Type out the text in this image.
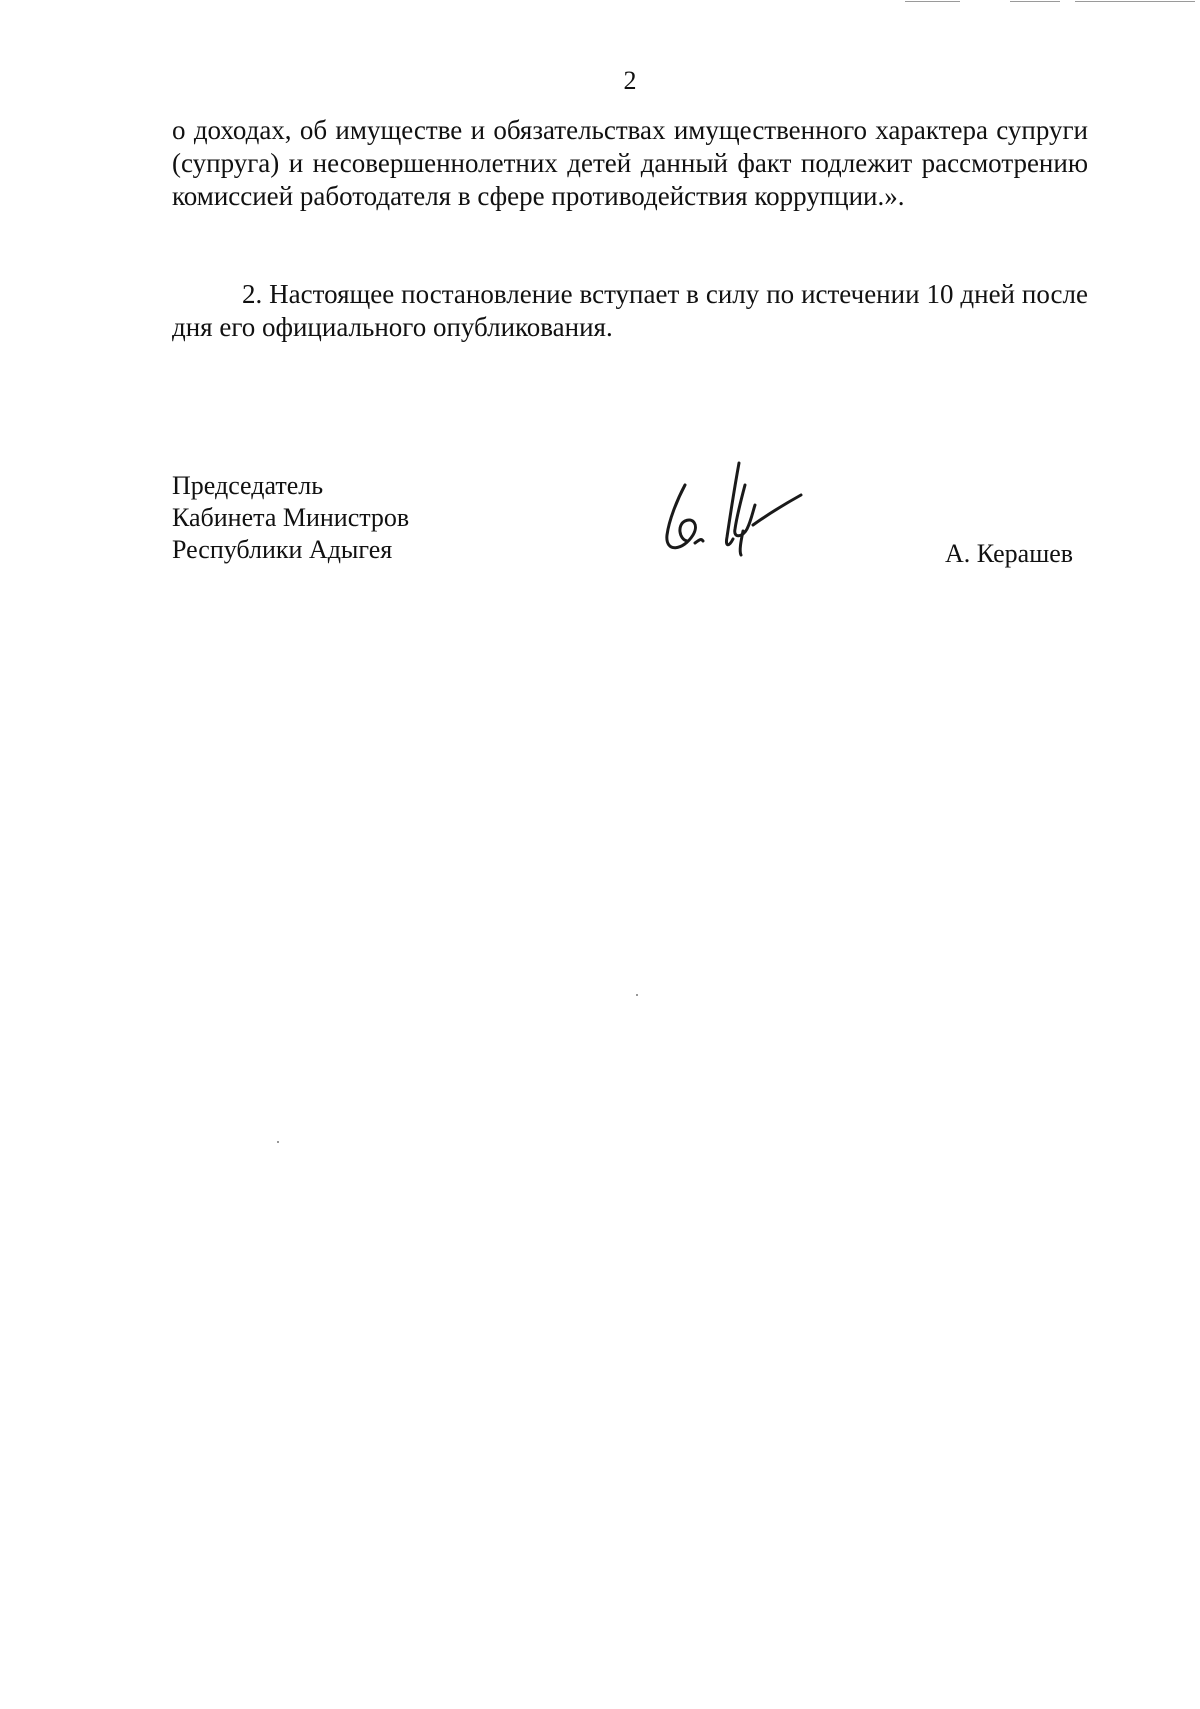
2

о доходах, об имуществе и обязательствах имущественного характера супруги (супруга) и несовершеннолетних детей данный факт подлежит рассмотрению комиссией работодателя в сфере противодействия коррупции.».

2. Настоящее постановление вступает в силу по истечении 10 дней после дня его официального опубликования.

Председатель
Кабинета Министров
Республики Адыгея	А. Керашев
